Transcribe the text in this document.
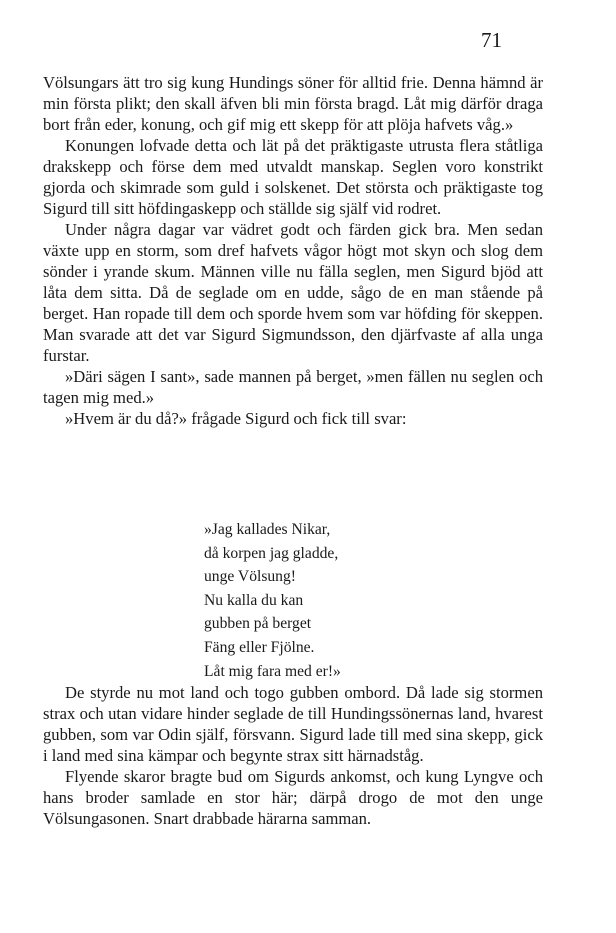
71

Völsungars ätt tro sig kung Hundings söner för alltid frie. Denna hämnd är min första plikt; den skall äfven bli min första bragd. Låt mig därför draga bort från eder, konung, och gif mig ett skepp för att plöja hafvets våg.»

Konungen lofvade detta och lät på det präktigaste utrusta flera ståtliga drakskepp och förse dem med utvaldt manskap. Seglen voro konstrikt gjorda och skimrade som guld i solskenet. Det största och präktigaste tog Sigurd till sitt höfdingaskepp och ställde sig själf vid rodret.

Under några dagar var vädret godt och färden gick bra. Men sedan växte upp en storm, som dref hafvets vågor högt mot skyn och slog dem sönder i yrande skum. Männen ville nu fälla seglen, men Sigurd bjöd att låta dem sitta. Då de seglade om en udde, sågo de en man stående på berget. Han ropade till dem och sporde hvem som var höfding för skeppen. Man svarade att det var Sigurd Sigmundsson, den djärfvaste af alla unga furstar.

»Däri sägen I sant», sade mannen på berget, »men fällen nu seglen och tagen mig med.»

»Hvem är du då?» frågade Sigurd och fick till svar:

»Jag kallades Nikar,
då korpen jag gladde,
unge Völsung!
Nu kalla du kan
gubben på berget
Fäng eller Fjölne.
Låt mig fara med er!»

De styrde nu mot land och togo gubben ombord. Då lade sig stormen strax och utan vidare hinder seglade de till Hundingssönernas land, hvarest gubben, som var Odin själf, försvann. Sigurd lade till med sina skepp, gick i land med sina kämpar och begynte strax sitt härnadståg.

Flyende skaror bragte bud om Sigurds ankomst, och kung Lyngve och hans broder samlade en stor här; därpå drogo de mot den unge Völsungasonen. Snart drabbade härarna samman.
